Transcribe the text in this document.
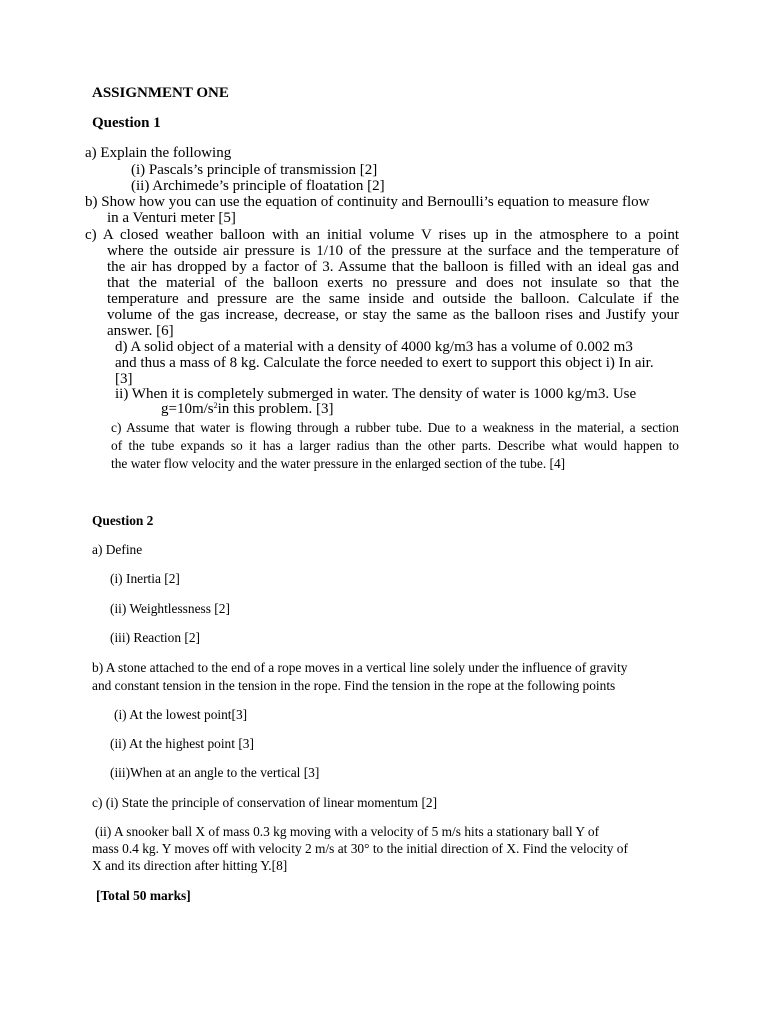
ASSIGNMENT ONE
Question 1
a) Explain the following
(i) Pascals’s principle of transmission [2]
(ii) Archimede’s principle of floatation [2]
b) Show how you can use the equation of continuity and Bernoulli’s equation to measure flow
in a Venturi meter [5]
c) A closed weather balloon with an initial volume V rises up in the atmosphere to a point
where the outside air pressure is 1/10 of the pressure at the surface and the temperature of
the air has dropped by a factor of 3. Assume that the balloon is filled with an ideal gas and
that the material of the balloon exerts no pressure and does not insulate so that the
temperature and pressure are the same inside and outside the balloon. Calculate if the
volume of the gas increase, decrease, or stay the same as the balloon rises and Justify your
answer. [6]
d) A solid object of a material with a density of 4000 kg/m3 has a volume of 0.002 m3
and thus a mass of 8 kg. Calculate the force needed to exert to support this object i) In air.
[3]
ii) When it is completely submerged in water. The density of water is 1000 kg/m3. Use
$g=10m/s^2in$ this problem. [3]
c) Assume that water is flowing through a rubber tube. Due to a weakness in the material, a section
of the tube expands so it has a larger radius than the other parts. Describe what would happen to
the water flow velocity and the water pressure in the enlarged section of the tube. [4]
Question 2
a) Define
(i) Inertia [2]
(ii) Weightlessness [2]
(iii) Reaction [2]
b) A stone attached to the end of a rope moves in a vertical line solely under the influence of gravity
and constant tension in the tension in the rope. Find the tension in the rope at the following points
(i) At the lowest point[3]
(ii) At the highest point [3]
(iii)When at an angle to the vertical [3]
c) (i) State the principle of conservation of linear momentum [2]
(ii) A snooker ball X of mass 0.3 kg moving with a velocity of 5 m/s hits a stationary ball Y of
mass 0.4 kg. Y moves off with velocity 2 m/s at 30° to the initial direction of X. Find the velocity of
X and its direction after hitting Y.[8]
[Total 50 marks]
